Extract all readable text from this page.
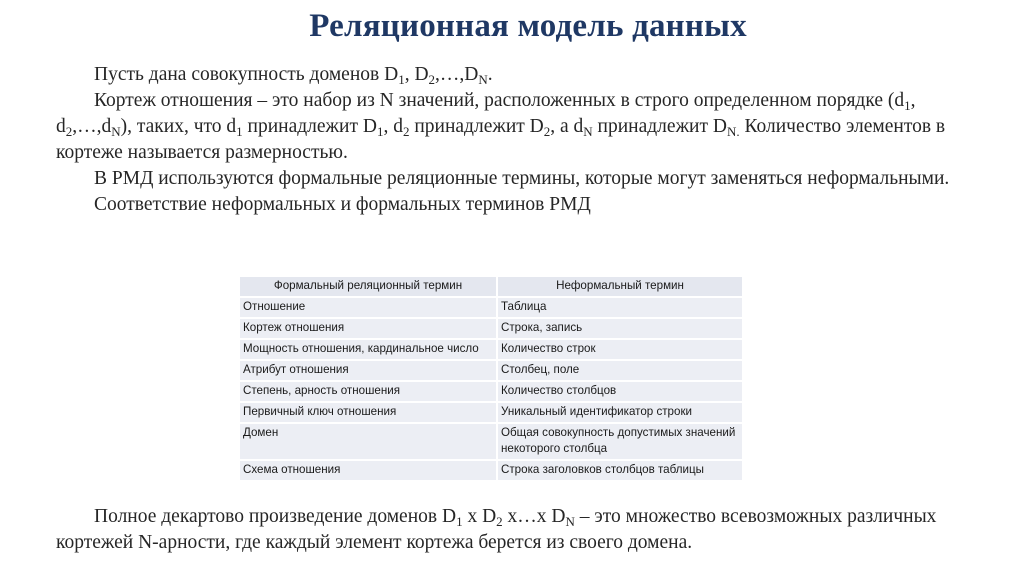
Реляционная модель данных

Пусть дана совокупность доменов $D_1$, $D_2,\dots,D_N$.

Кортеж отношения – это набор из N значений, расположенных в строго определенном порядке ($d_1$, $d_2,\dots,d_N$), таких, что $d_1$ принадлежит $D_1$, $d_2$ принадлежит $D_2$, а $d_N$ принадлежит $D_{N.}$ Количество элементов в кортеже называется размерностью.

В РМД используются формальные реляционные термины, которые могут заменяться неформальными.

Соответствие неформальных и формальных терминов РМД

Формальный реляционный термин	Неформальный термин
Отношение	Таблица
Кортеж отношения	Строка, запись
Мощность отношения, кардинальное число	Количество строк
Атрибут отношения	Столбец, поле
Степень, арность отношения	Количество столбцов
Первичный ключ отношения	Уникальный идентификатор строки
Домен	Общая совокупность допустимых значений некоторого столбца
Схема отношения	Строка заголовков столбцов таблицы

Полное декартово произведение доменов $D_1$ x $D_2$ x…x $D_N$ – это множество всевозможных различных кортежей N-арности, где каждый элемент кортежа берется из своего домена.
